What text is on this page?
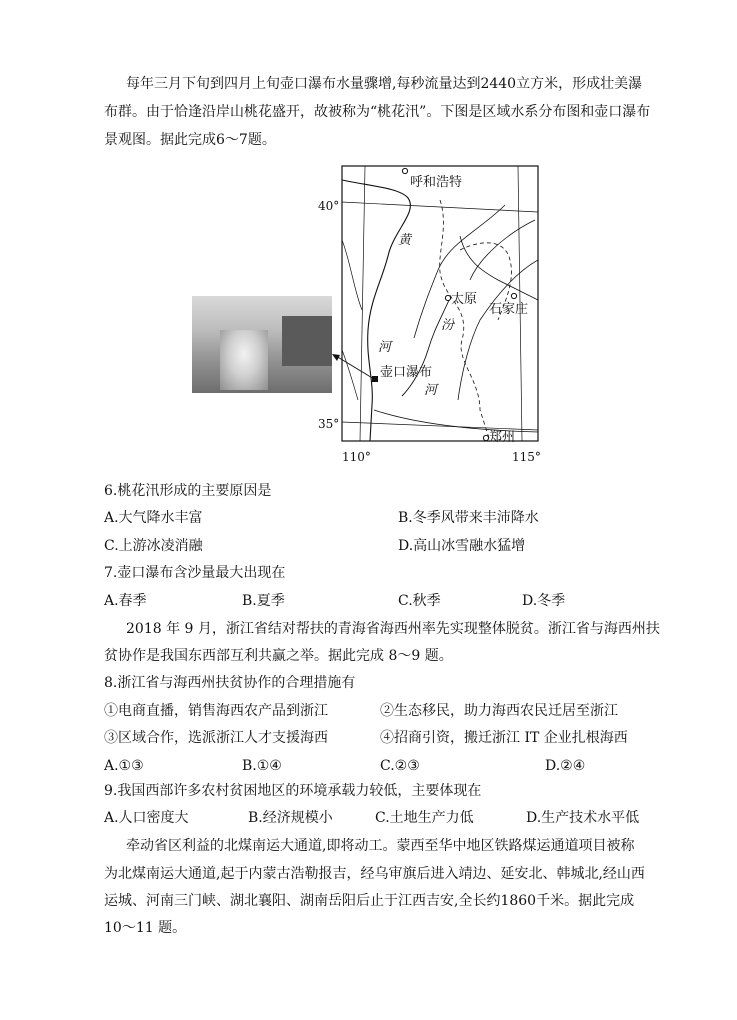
每年三月下旬到四月上旬壶口瀑布水量骤增,每秒流量达到2440立方米，形成壮美瀑
布群。由于恰逢沿岸山桃花盛开，故被称为“桃花汛”。下图是区域水系分布图和壶口瀑布
景观图。据此完成6～7题。
40°
35°
110°	115°
呼和浩特
太原
石家庄
郑州
壶口瀑布
黄
河
汾
河
6.桃花汛形成的主要原因是
A.大气降水丰富	B.冬季风带来丰沛降水
C.上游冰凌消融	D.高山冰雪融水猛增
7.壶口瀑布含沙量最大出现在
A.春季	B.夏季	C.秋季	D.冬季
2018 年 9 月，浙江省结对帮扶的青海省海西州率先实现整体脱贫。浙江省与海西州扶
贫协作是我国东西部互利共赢之举。据此完成 8～9 题。
8.浙江省与海西州扶贫协作的合理措施有
①电商直播，销售海西农产品到浙江	②生态移民，助力海西农民迁居至浙江
③区域合作，选派浙江人才支援海西	④招商引资，搬迁浙江 IT 企业扎根海西
A.①③	B.①④	C.②③	D.②④
9.我国西部许多农村贫困地区的环境承载力较低，主要体现在
A.人口密度大	B.经济规模小	C.土地生产力低	D.生产技术水平低
牵动省区利益的北煤南运大通道,即将动工。蒙西至华中地区铁路煤运通道项目被称
为北煤南运大通道,起于内蒙古浩勒报吉，经乌审旗后进入靖边、延安北、韩城北,经山西
运城、河南三门峡、湖北襄阳、湖南岳阳后止于江西吉安,全长约1860千米。据此完成
10～11 题。
